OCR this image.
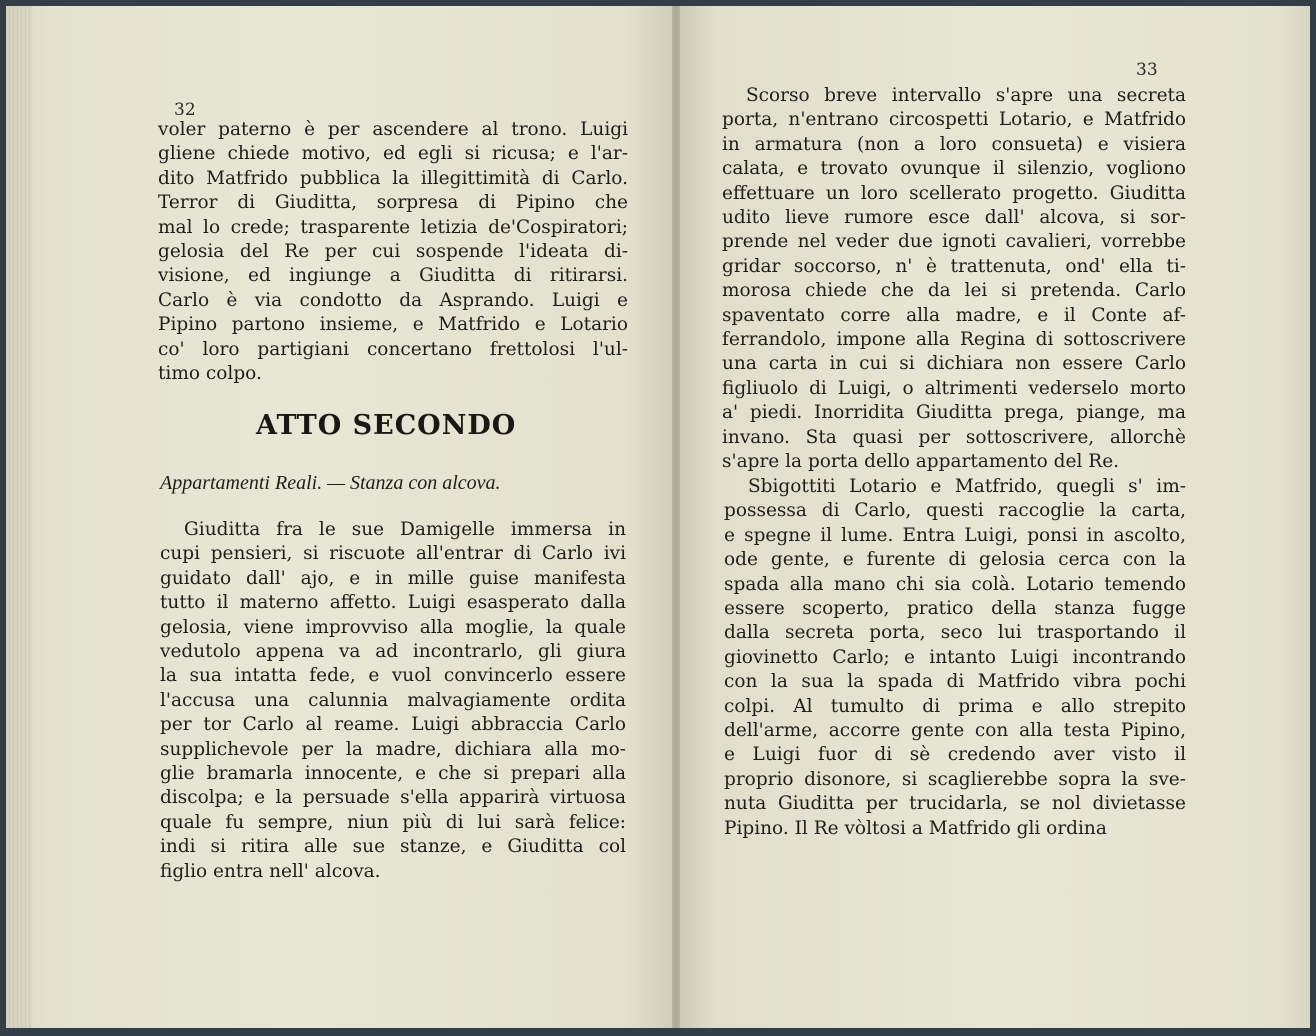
32
voler paterno è per ascendere al trono. Luigi
gliene chiede motivo, ed egli si ricusa; e l'ar-
dito Matfrido pubblica la illegittimità di Carlo.
Terror di Giuditta, sorpresa di Pipino che
mal lo crede; trasparente letizia de'Cospiratori;
gelosia del Re per cui sospende l'ideata di-
visione, ed ingiunge a Giuditta di ritirarsi.
Carlo è via condotto da Asprando. Luigi e
Pipino partono insieme, e Matfrido e Lotario
co' loro partigiani concertano frettolosi l'ul-
timo colpo.
ATTO SECONDO
Appartamenti Reali. — Stanza con alcova.
Giuditta fra le sue Damigelle immersa in
cupi pensieri, si riscuote all'entrar di Carlo ivi
guidato dall' ajo, e in mille guise manifesta
tutto il materno affetto. Luigi esasperato dalla
gelosia, viene improvviso alla moglie, la quale
vedutolo appena va ad incontrarlo, gli giura
la sua intatta fede, e vuol convincerlo essere
l'accusa una calunnia malvagiamente ordita
per tor Carlo al reame. Luigi abbraccia Carlo
supplichevole per la madre, dichiara alla mo-
glie bramarla innocente, e che si prepari alla
discolpa; e la persuade s'ella apparirà virtuosa
quale fu sempre, niun più di lui sarà felice:
indi si ritira alle sue stanze, e Giuditta col
figlio entra nell' alcova.
33
Scorso breve intervallo s'apre una secreta
porta, n'entrano circospetti Lotario, e Matfrido
in armatura (non a loro consueta) e visiera
calata, e trovato ovunque il silenzio, vogliono
effettuare un loro scellerato progetto. Giuditta
udito lieve rumore esce dall' alcova, si sor-
prende nel veder due ignoti cavalieri, vorrebbe
gridar soccorso, n' è trattenuta, ond' ella ti-
morosa chiede che da lei si pretenda. Carlo
spaventato corre alla madre, e il Conte af-
ferrandolo, impone alla Regina di sottoscrivere
una carta in cui si dichiara non essere Carlo
figliuolo di Luigi, o altrimenti vederselo morto
a' piedi. Inorridita Giuditta prega, piange, ma
invano. Sta quasi per sottoscrivere, allorchè
s'apre la porta dello appartamento del Re.
Sbigottiti Lotario e Matfrido, quegli s' im-
possessa di Carlo, questi raccoglie la carta,
e spegne il lume. Entra Luigi, ponsi in ascolto,
ode gente, e furente di gelosia cerca con la
spada alla mano chi sia colà. Lotario temendo
essere scoperto, pratico della stanza fugge
dalla secreta porta, seco lui trasportando il
giovinetto Carlo; e intanto Luigi incontrando
con la sua la spada di Matfrido vibra pochi
colpi. Al tumulto di prima e allo strepito
dell'arme, accorre gente con alla testa Pipino,
e Luigi fuor di sè credendo aver visto il
proprio disonore, si scaglierebbe sopra la sve-
nuta Giuditta per trucidarla, se nol divietasse
Pipino. Il Re vòltosi a Matfrido gli ordina
